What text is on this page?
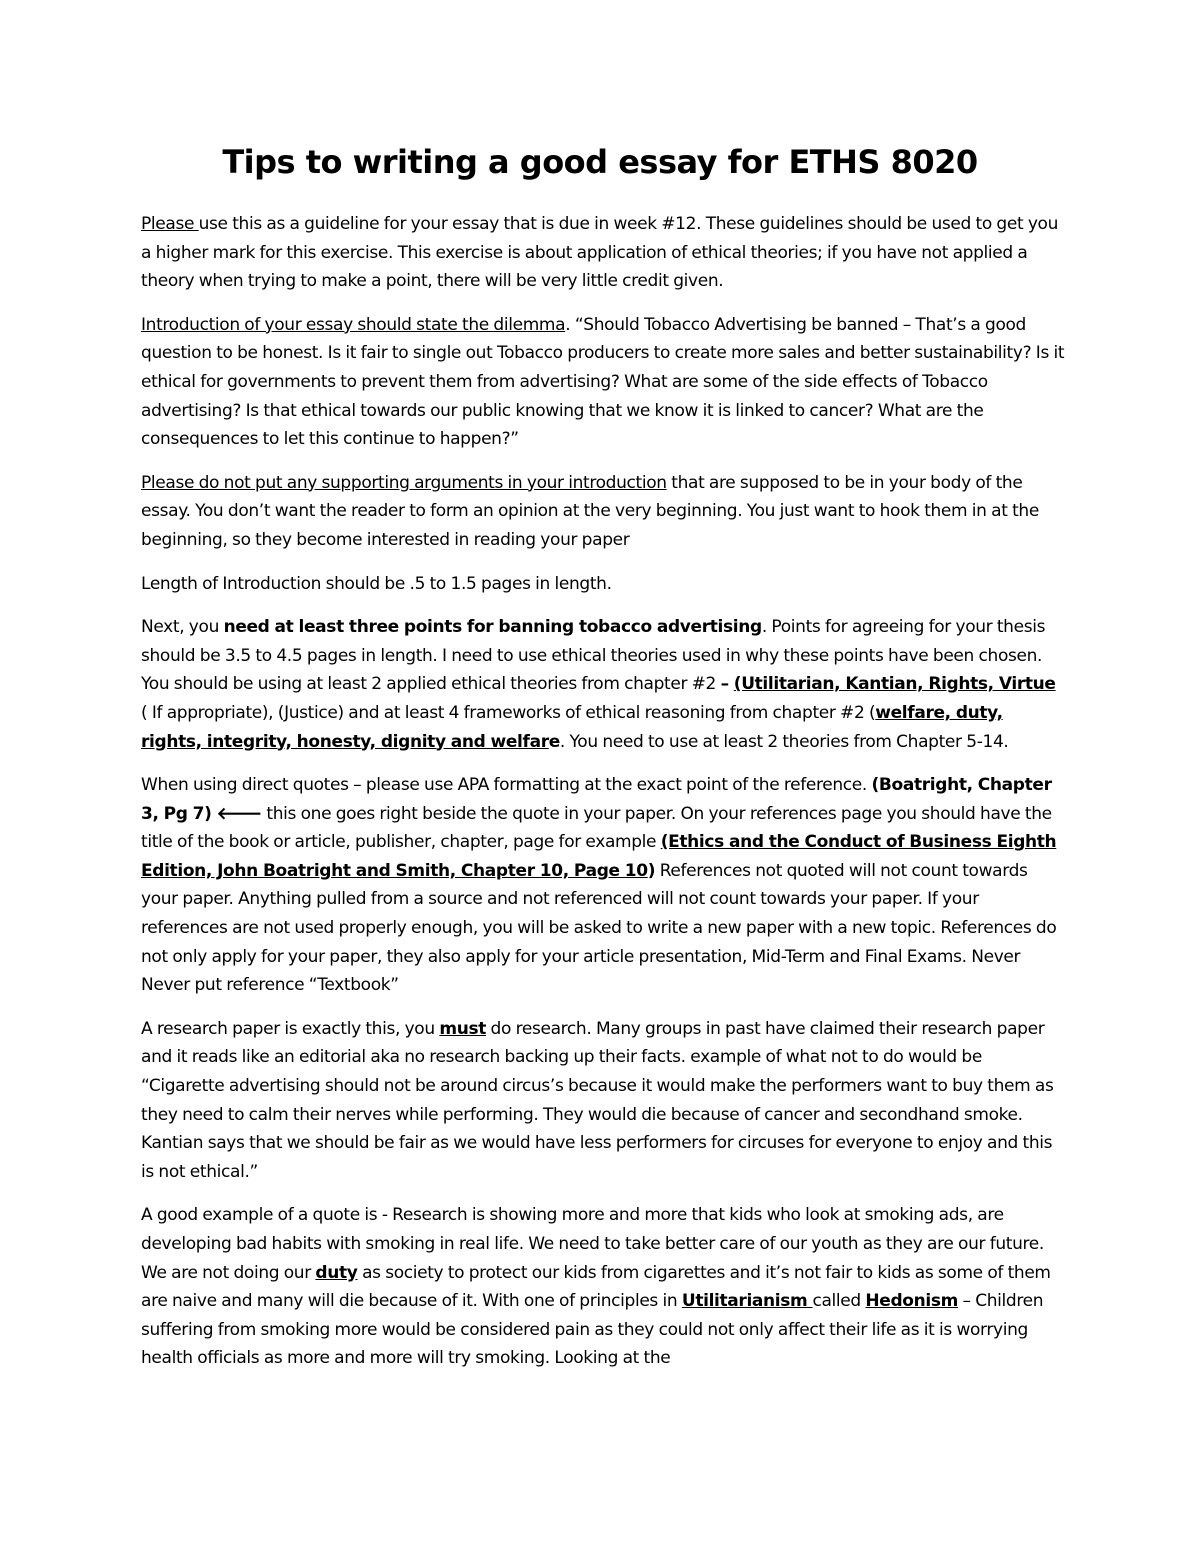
Tips to writing a good essay for ETHS 8020

Please use this as a guideline for your essay that is due in week #12. These guidelines should be used to get you a higher mark for this exercise. This exercise is about application of ethical theories; if you have not applied a theory when trying to make a point, there will be very little credit given.

Introduction of your essay should state the dilemma. “Should Tobacco Advertising be banned – That’s a good question to be honest. Is it fair to single out Tobacco producers to create more sales and better sustainability? Is it ethical for governments to prevent them from advertising? What are some of the side effects of Tobacco advertising? Is that ethical towards our public knowing that we know it is linked to cancer? What are the consequences to let this continue to happen?”

Please do not put any supporting arguments in your introduction that are supposed to be in your body of the essay. You don’t want the reader to form an opinion at the very beginning. You just want to hook them in at the beginning, so they become interested in reading your paper

Length of Introduction should be .5 to 1.5 pages in length.

Next, you need at least three points for banning tobacco advertising. Points for agreeing for your thesis should be 3.5 to 4.5 pages in length. I need to use ethical theories used in why these points have been chosen. You should be using at least 2 applied ethical theories from chapter #2 – (Utilitarian, Kantian, Rights, Virtue ( If appropriate), (Justice) and at least 4 frameworks of ethical reasoning from chapter #2 (welfare, duty, rights, integrity, honesty, dignity and welfare. You need to use at least 2 theories from Chapter 5-14.

When using direct quotes – please use APA formatting at the exact point of the reference. (Boatright, Chapter 3, Pg 7) 🡐 this one goes right beside the quote in your paper. On your references page you should have the title of the book or article, publisher, chapter, page for example (Ethics and the Conduct of Business Eighth Edition, John Boatright and Smith, Chapter 10, Page 10) References not quoted will not count towards your paper. Anything pulled from a source and not referenced will not count towards your paper. If your references are not used properly enough, you will be asked to write a new paper with a new topic. References do not only apply for your paper, they also apply for your article presentation, Mid-Term and Final Exams. Never Never put reference “Textbook”

A research paper is exactly this, you must do research. Many groups in past have claimed their research paper and it reads like an editorial aka no research backing up their facts. example of what not to do would be “Cigarette advertising should not be around circus’s because it would make the performers want to buy them as they need to calm their nerves while performing. They would die because of cancer and secondhand smoke. Kantian says that we should be fair as we would have less performers for circuses for everyone to enjoy and this is not ethical.”

A good example of a quote is - Research is showing more and more that kids who look at smoking ads, are developing bad habits with smoking in real life. We need to take better care of our youth as they are our future. We are not doing our duty as society to protect our kids from cigarettes and it’s not fair to kids as some of them are naive and many will die because of it. With one of principles in Utilitarianism called Hedonism – Children suffering from smoking more would be considered pain as they could not only affect their life as it is worrying health officials as more and more will try smoking. Looking at the
